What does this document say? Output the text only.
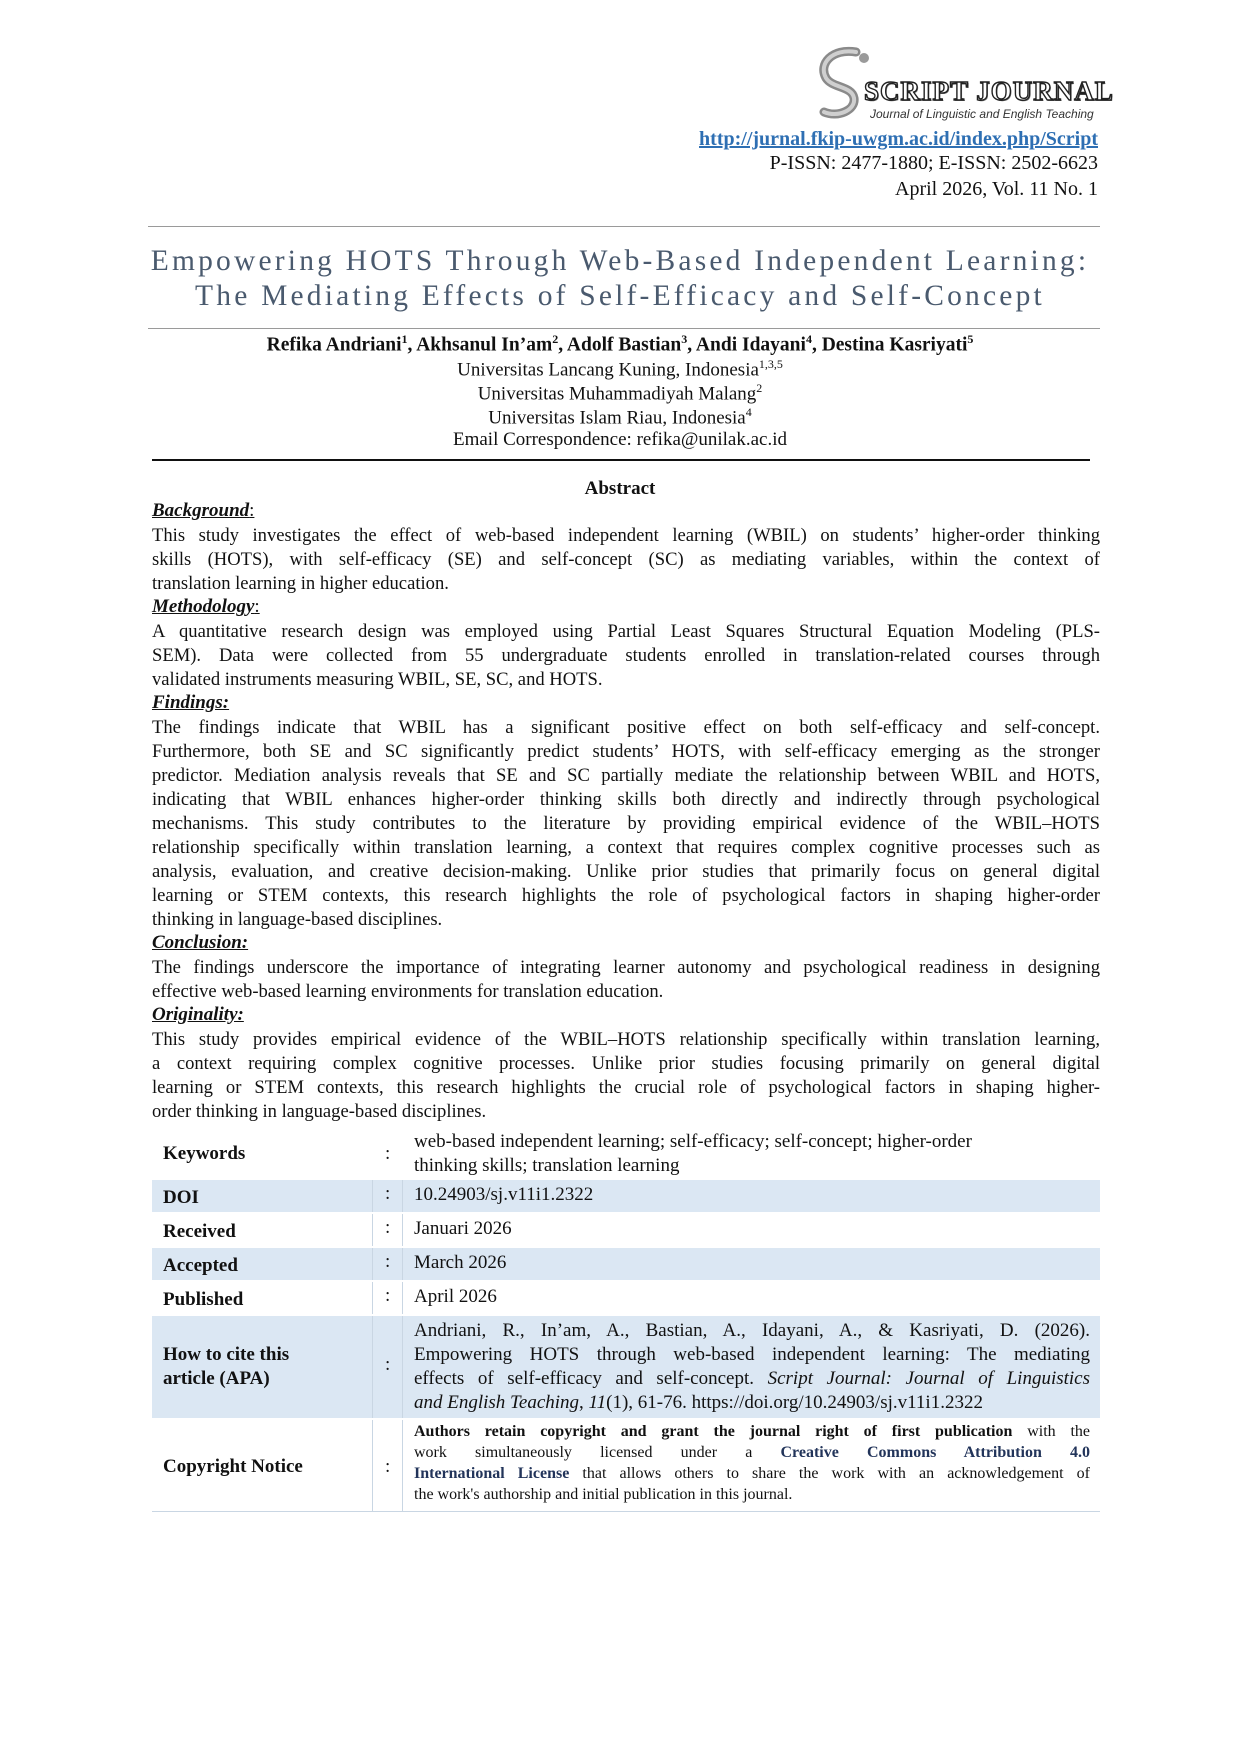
SCRIPT JOURNAL
Journal of Linguistic and English Teaching
http://jurnal.fkip-uwgm.ac.id/index.php/Script
P-ISSN: 2477-1880; E-ISSN: 2502-6623
April 2026, Vol. 11 No. 1
Empowering HOTS Through Web-Based Independent Learning:
The Mediating Effects of Self-Efficacy and Self-Concept
Refika Andriani$^1$, Akhsanul $In’am^2$, Adolf Bastian$^3$, Andi Idayani$^4$, Destina Kasriyati$^5$
Universitas Lancang Kuning, Indonesia$^{1,3,5}$
Universitas Muhammadiyah Malang$^2$
Universitas Islam Riau, Indonesia$^4$
Email Correspondence: refika@unilak.ac.id
Abstract
Background:
This study investigates the effect of web-based independent learning (WBIL) on students’ higher-order thinking
skills (HOTS), with self-efficacy (SE) and self-concept (SC) as mediating variables, within the context of
translation learning in higher education.
Methodology:
A quantitative research design was employed using Partial Least Squares Structural Equation Modeling (PLS-
SEM). Data were collected from 55 undergraduate students enrolled in translation-related courses through
validated instruments measuring WBIL, SE, SC, and HOTS.
Findings:
The findings indicate that WBIL has a significant positive effect on both self-efficacy and self-concept.
Furthermore, both SE and SC significantly predict students’ HOTS, with self-efficacy emerging as the stronger
predictor. Mediation analysis reveals that SE and SC partially mediate the relationship between WBIL and HOTS,
indicating that WBIL enhances higher-order thinking skills both directly and indirectly through psychological
mechanisms. This study contributes to the literature by providing empirical evidence of the WBIL–HOTS
relationship specifically within translation learning, a context that requires complex cognitive processes such as
analysis, evaluation, and creative decision-making. Unlike prior studies that primarily focus on general digital
learning or STEM contexts, this research highlights the role of psychological factors in shaping higher-order
thinking in language-based disciplines.
Conclusion:
The findings underscore the importance of integrating learner autonomy and psychological readiness in designing
effective web-based learning environments for translation education.
Originality:
This study provides empirical evidence of the WBIL–HOTS relationship specifically within translation learning,
a context requiring complex cognitive processes. Unlike prior studies focusing primarily on general digital
learning or STEM contexts, this research highlights the crucial role of psychological factors in shaping higher-
order thinking in language-based disciplines.
Keywords	:
web-based independent learning; self-efficacy; self-concept; higher-order
thinking skills; translation learning
DOI	: 10.24903/sj.v11i1.2322
Received	: Januari 2026
Accepted	: March 2026
Published	: April 2026
How to cite this
article (APA)
:
Andriani, R., In’am, A., Bastian, A., Idayani, A., & Kasriyati, D. (2026).
Empowering HOTS through web-based independent learning: The mediating
effects of self-efficacy and self-concept. Script Journal: Journal of Linguistics
and English Teaching, 11(1), 61-76. https://doi.org/10.24903/sj.v11i1.2322
Copyright Notice	:
Authors retain copyright and grant the journal right of first publication with the
work simultaneously licensed under a Creative Commons Attribution 4.0
International License that allows others to share the work with an acknowledgement of
the work's authorship and initial publication in this journal.
